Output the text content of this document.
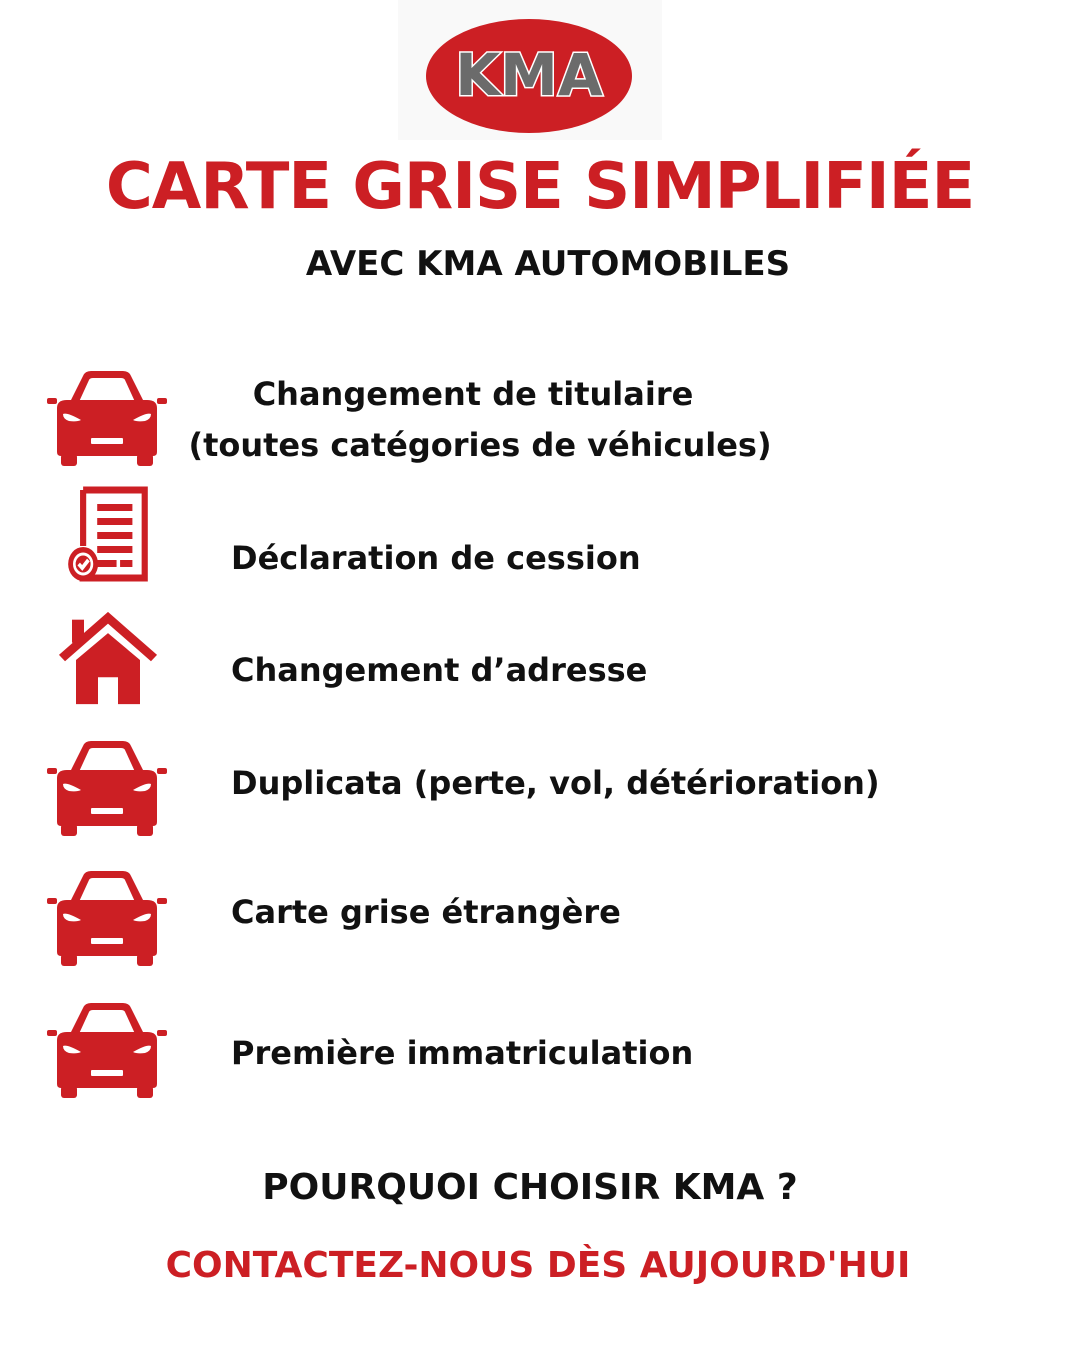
KMA
CARTE GRISE SIMPLIFIÉE
AVEC KMA AUTOMOBILES
Changement de titulaire
(toutes catégories de véhicules)
Déclaration de cession
Changement d’adresse
Duplicata (perte, vol, détérioration)
Carte grise étrangère
Première immatriculation
POURQUOI CHOISIR KMA ?
CONTACTEZ-NOUS DÈS AUJOURD'HUI
